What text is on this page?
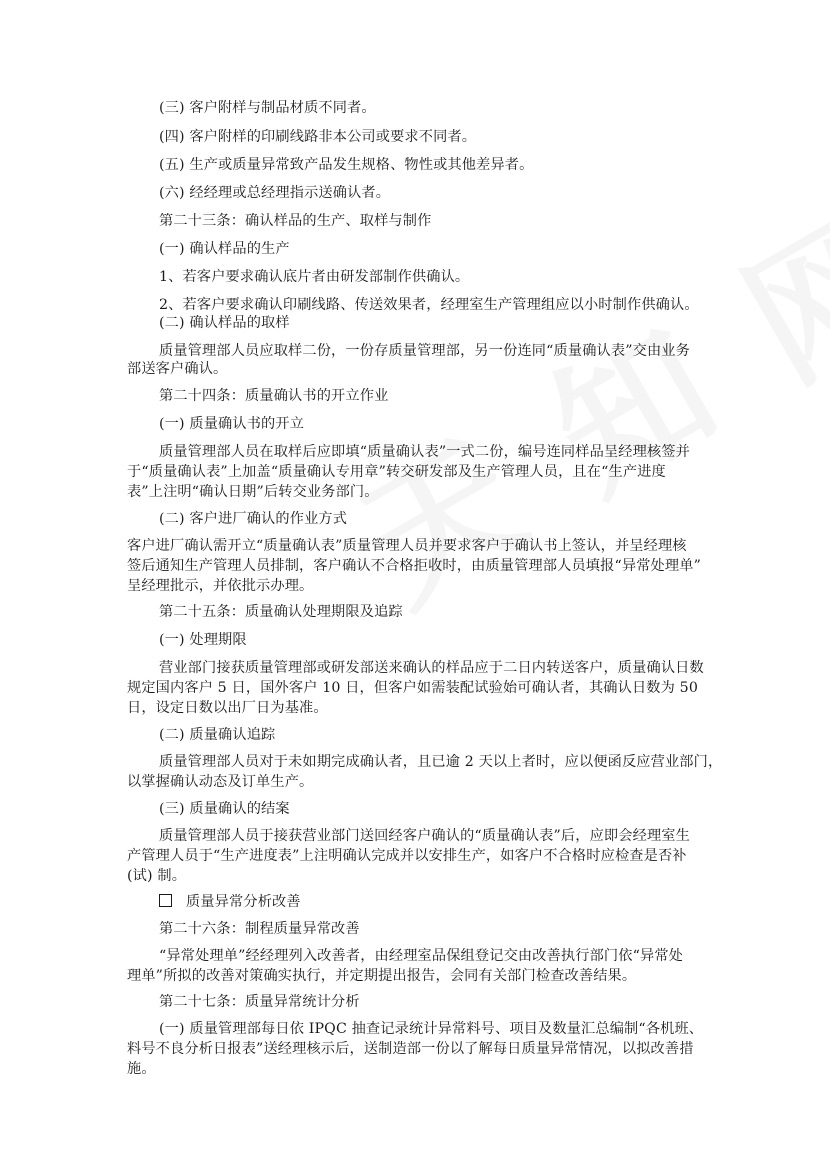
(三) 客户附样与制品材质不同者。
(四) 客户附样的印刷线路非本公司或要求不同者。
(五) 生产或质量异常致产品发生规格、物性或其他差异者。
(六) 经经理或总经理指示送确认者。
第二十三条：确认样品的生产、取样与制作
(一) 确认样品的生产
1、若客户要求确认底片者由研发部制作供确认。
2、若客户要求确认印刷线路、传送效果者，经理室生产管理组应以小时制作供确认。
(二) 确认样品的取样
质量管理部人员应取样二份，一份存质量管理部，另一份连同“质量确认表”交由业务
部送客户确认。
第二十四条：质量确认书的开立作业
(一) 质量确认书的开立
质量管理部人员在取样后应即填“质量确认表”一式二份，编号连同样品呈经理核签并
于“质量确认表”上加盖“质量确认专用章”转交研发部及生产管理人员，且在“生产进度
表”上注明“确认日期”后转交业务部门。
(二) 客户进厂确认的作业方式
客户进厂确认需开立“质量确认表”质量管理人员并要求客户于确认书上签认，并呈经理核
签后通知生产管理人员排制，客户确认不合格拒收时，由质量管理部人员填报“异常处理单”
呈经理批示，并依批示办理。
第二十五条：质量确认处理期限及追踪
(一) 处理期限
营业部门接获质量管理部或研发部送来确认的样品应于二日内转送客户，质量确认日数
规定国内客户 5 日，国外客户 10 日，但客户如需装配试验始可确认者，其确认日数为 50
日，设定日数以出厂日为基准。
(二) 质量确认追踪
质量管理部人员对于未如期完成确认者，且已逾 2 天以上者时，应以便函反应营业部门，
以掌握确认动态及订单生产。
(三) 质量确认的结案
质量管理部人员于接获营业部门送回经客户确认的“质量确认表”后，应即会经理室生
产管理人员于“生产进度表”上注明确认完成并以安排生产，如客户不合格时应检查是否补
(试) 制。
质量异常分析改善
第二十六条：制程质量异常改善
“异常处理单”经经理列入改善者，由经理室品保组登记交由改善执行部门依“异常处
理单”所拟的改善对策确实执行，并定期提出报告，会同有关部门检查改善结果。
第二十七条：质量异常统计分析
(一) 质量管理部每日依 IPQC 抽查记录统计异常料号、项目及数量汇总编制“各机班、
料号不良分析日报表”送经理核示后，送制造部一份以了解每日质量异常情况，以拟改善措
施。
